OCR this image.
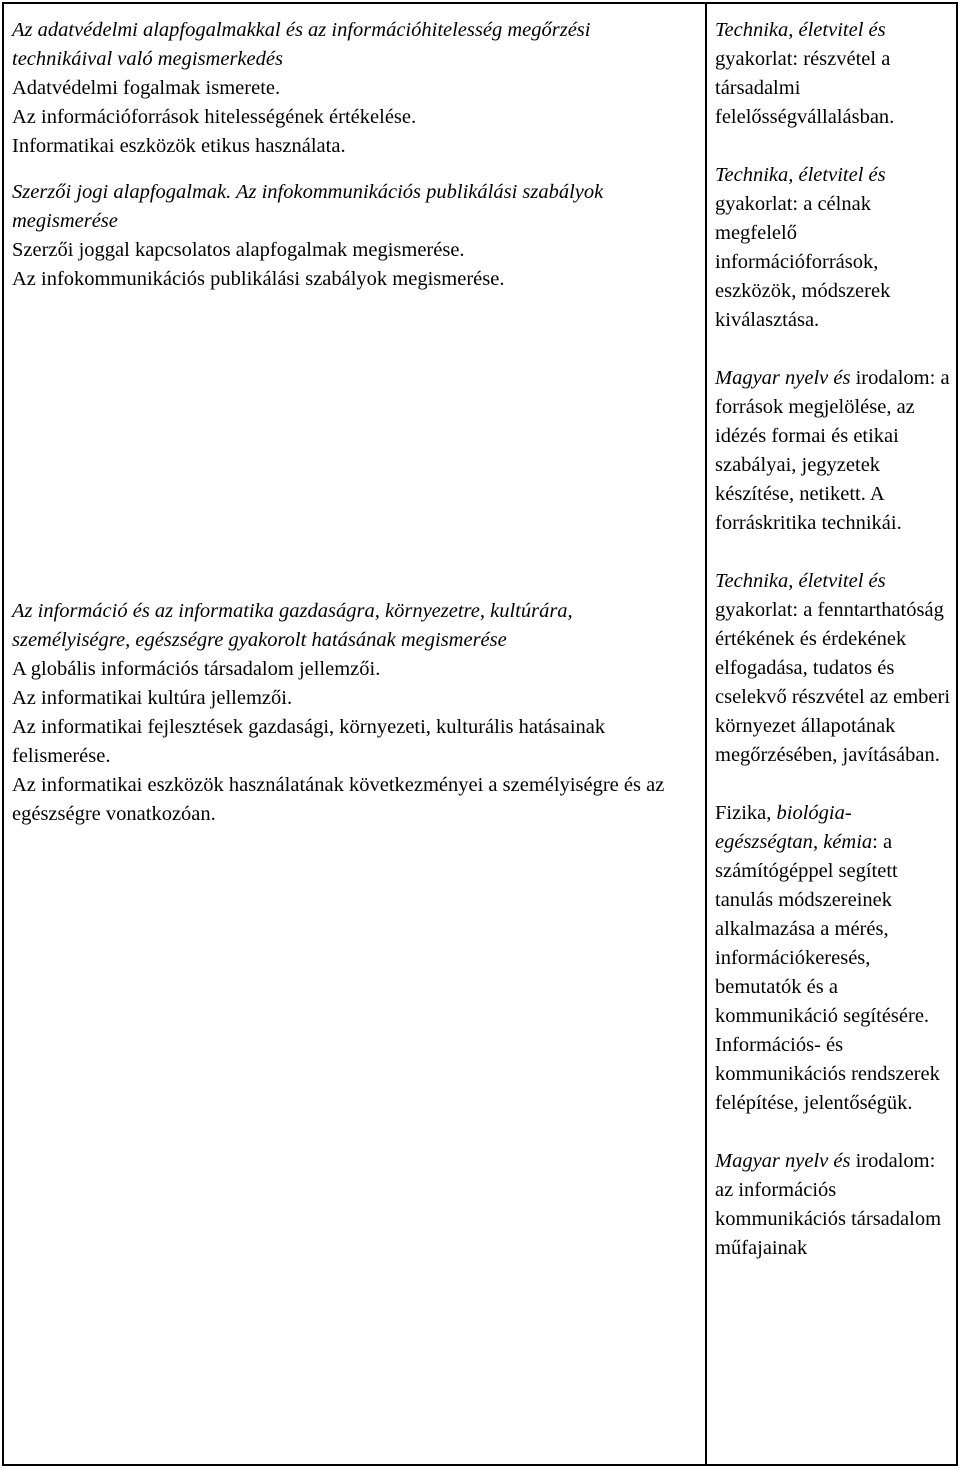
Az adatvédelmi alapfogalmakkal és az információhitelesség megőrzési technikáival való megismerkedés

Adatvédelmi fogalmak ismerete.

Az információforrások hitelességének értékelése.

Informatikai eszközök etikus használata.

Szerzői jogi alapfogalmak. Az infokommunikációs publikálási szabályok megismerése

Szerzői joggal kapcsolatos alapfogalmak megismerése.

Az infokommunikációs publikálási szabályok megismerése.

Az információ és az informatika gazdaságra, környezetre, kultúrára, személyiségre, egészségre gyakorolt hatásának megismerése

A globális információs társadalom jellemzői.

Az informatikai kultúra jellemzői.

Az informatikai fejlesztések gazdasági, környezeti, kulturális hatásainak felismerése.

Az informatikai eszközök használatának következményei a személyiségre és az egészségre vonatkozóan.

Technika, életvitel és gyakorlat: részvétel a társadalmi felelősségvállalásban.

Technika, életvitel és gyakorlat: a célnak megfelelő információforrások, eszközök, módszerek kiválasztása.

Magyar nyelv és irodalom: a források megjelölése, az idézés formai és etikai szabályai, jegyzetek készítése, netikett. A forráskritika technikái.

Technika, életvitel és gyakorlat: a fenntarthatóság értékének és érdekének elfogadása, tudatos és cselekvő részvétel az emberi környezet állapotának megőrzésében, javításában.

Fizika, biológia-egészségtan, kémia: a számítógéppel segített tanulás módszereinek alkalmazása a mérés, információkeresés, bemutatók és a kommunikáció segítésére.

Információs- és kommunikációs rendszerek felépítése, jelentőségük.

Magyar nyelv és irodalom: az információs kommunikációs társadalom műfajainak
